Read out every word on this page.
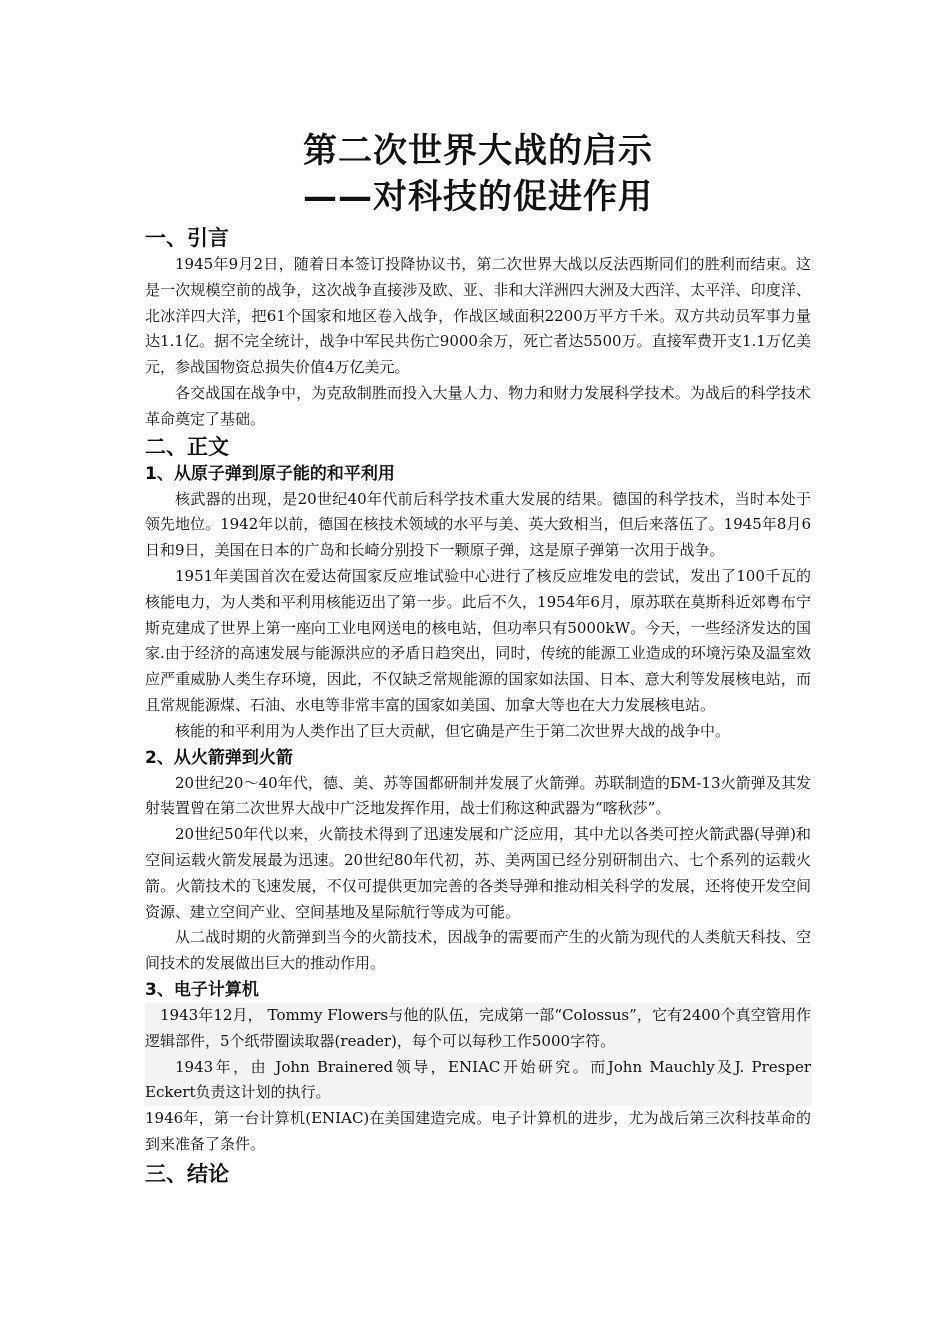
第二次世界大战的启示
——对科技的促进作用
一、引言

1945年9月2日，随着日本签订投降协议书，第二次世界大战以反法西斯同们的胜利而结束。这是一次规模空前的战争，这次战争直接涉及欧、亚、非和大洋洲四大洲及大西洋、太平洋、印度洋、北冰洋四大洋，把61个国家和地区卷入战争，作战区域面积2200万平方千米。双方共动员军事力量达1.1亿。据不完全统计，战争中军民共伤亡9000余万，死亡者达5500万。直接军费开支1.1万亿美元，参战国物资总损失价值4万亿美元。

各交战国在战争中，为克敌制胜而投入大量人力、物力和财力发展科学技术。为战后的科学技术革命奠定了基础。

二、正文
1、从原子弹到原子能的和平利用

核武器的出现，是20世纪40年代前后科学技术重大发展的结果。德国的科学技术，当时本处于领先地位。1942年以前，德国在核技术领域的水平与美、英大致相当，但后来落伍了。1945年8月6日和9日，美国在日本的广岛和长崎分别投下一颗原子弹，这是原子弹第一次用于战争。

1951年美国首次在爱达荷国家反应堆试验中心进行了核反应堆发电的尝试，发出了100千瓦的核能电力，为人类和平利用核能迈出了第一步。此后不久，1954年6月，原苏联在莫斯科近郊粤布宁斯克建成了世界上第一座向工业电网送电的核电站，但功率只有5000kW。今天，一些经济发达的国家.由于经济的高速发展与能源洪应的矛盾日趋突出，同时，传统的能源工业造成的环境污染及温室效应严重威胁人类生存环境，因此，不仅缺乏常规能源的国家如法国、日本、意大利等发展核电站，而且常规能源煤、石油、水电等非常丰富的国家如美国、加拿大等也在大力发展核电站。

核能的和平利用为人类作出了巨大贡献，但它确是产生于第二次世界大战的战争中。

2、从火箭弹到火箭

20世纪20～40年代，德、美、苏等国都研制并发展了火箭弹。苏联制造的БМ-13火箭弹及其发射装置曾在第二次世界大战中广泛地发挥作用，战士们称这种武器为“喀秋莎”。

20世纪50年代以来，火箭技术得到了迅速发展和广泛应用，其中尤以各类可控火箭武器(导弹)和空间运载火箭发展最为迅速。20世纪80年代初，苏、美两国已经分别研制出六、七个系列的运载火箭。火箭技术的飞速发展，不仅可提供更加完善的各类导弹和推动相关科学的发展，还将使开发空间资源、建立空间产业、空间基地及星际航行等成为可能。

从二战时期的火箭弹到当今的火箭技术，因战争的需要而产生的火箭为现代的人类航天科技、空间技术的发展做出巨大的推动作用。

3、电子计算机

1943年12月， Tommy Flowers与他的队伍，完成第一部“Colossus”，它有2400个真空管用作逻辑部件，5个纸带圈读取器(reader)，每个可以每秒工作5000字符。

1943年，由 John Brainered领导，ENIAC开始研究。而John Mauchly及J. Presper Eckert负责这计划的执行。

1946年，第一台计算机(ENIAC)在美国建造完成。电子计算机的进步，尤为战后第三次科技革命的到来准备了条件。

三、结论
